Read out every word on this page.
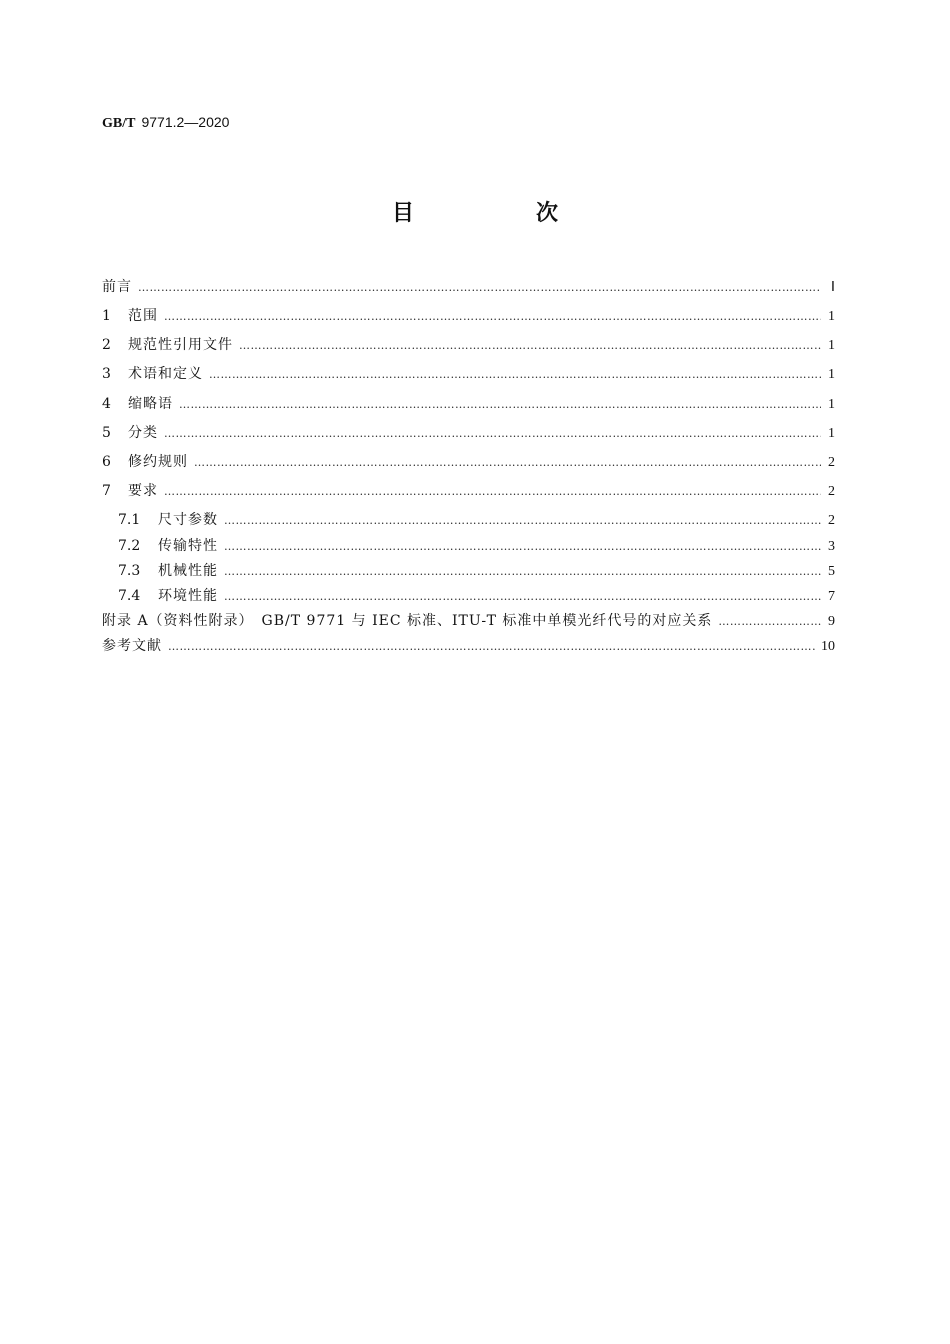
GB/T 9771.2—2020
目　次
前言 ……………………………………………………………………………………………………………………………………………………………………………………………………………………	Ⅰ
1	范围 ……………………………………………………………………………………………………………………………………………………………………………………………………………………	1
2	规范性引用文件 ……………………………………………………………………………………………………………………………………………………………………………………………………………………	1
3	术语和定义 ……………………………………………………………………………………………………………………………………………………………………………………………………………………	1
4	缩略语 ……………………………………………………………………………………………………………………………………………………………………………………………………………………	1
5	分类 ……………………………………………………………………………………………………………………………………………………………………………………………………………………	1
6	修约规则 ……………………………………………………………………………………………………………………………………………………………………………………………………………………	2
7	要求 ……………………………………………………………………………………………………………………………………………………………………………………………………………………	2
7.1	尺寸参数 ……………………………………………………………………………………………………………………………………………………………………………………………………………………	2
7.2	传输特性 ……………………………………………………………………………………………………………………………………………………………………………………………………………………	3
7.3	机械性能 ……………………………………………………………………………………………………………………………………………………………………………………………………………………	5
7.4	环境性能 ……………………………………………………………………………………………………………………………………………………………………………………………………………………	7
附录 A（资料性附录）　GB/T 9771 与 IEC 标准、ITU-T 标准中单模光纤代号的对应关系 ……………………………………………………………………………………………………………………………………………………………………………………………………………………	9
参考文献 ……………………………………………………………………………………………………………………………………………………………………………………………………………………	10
